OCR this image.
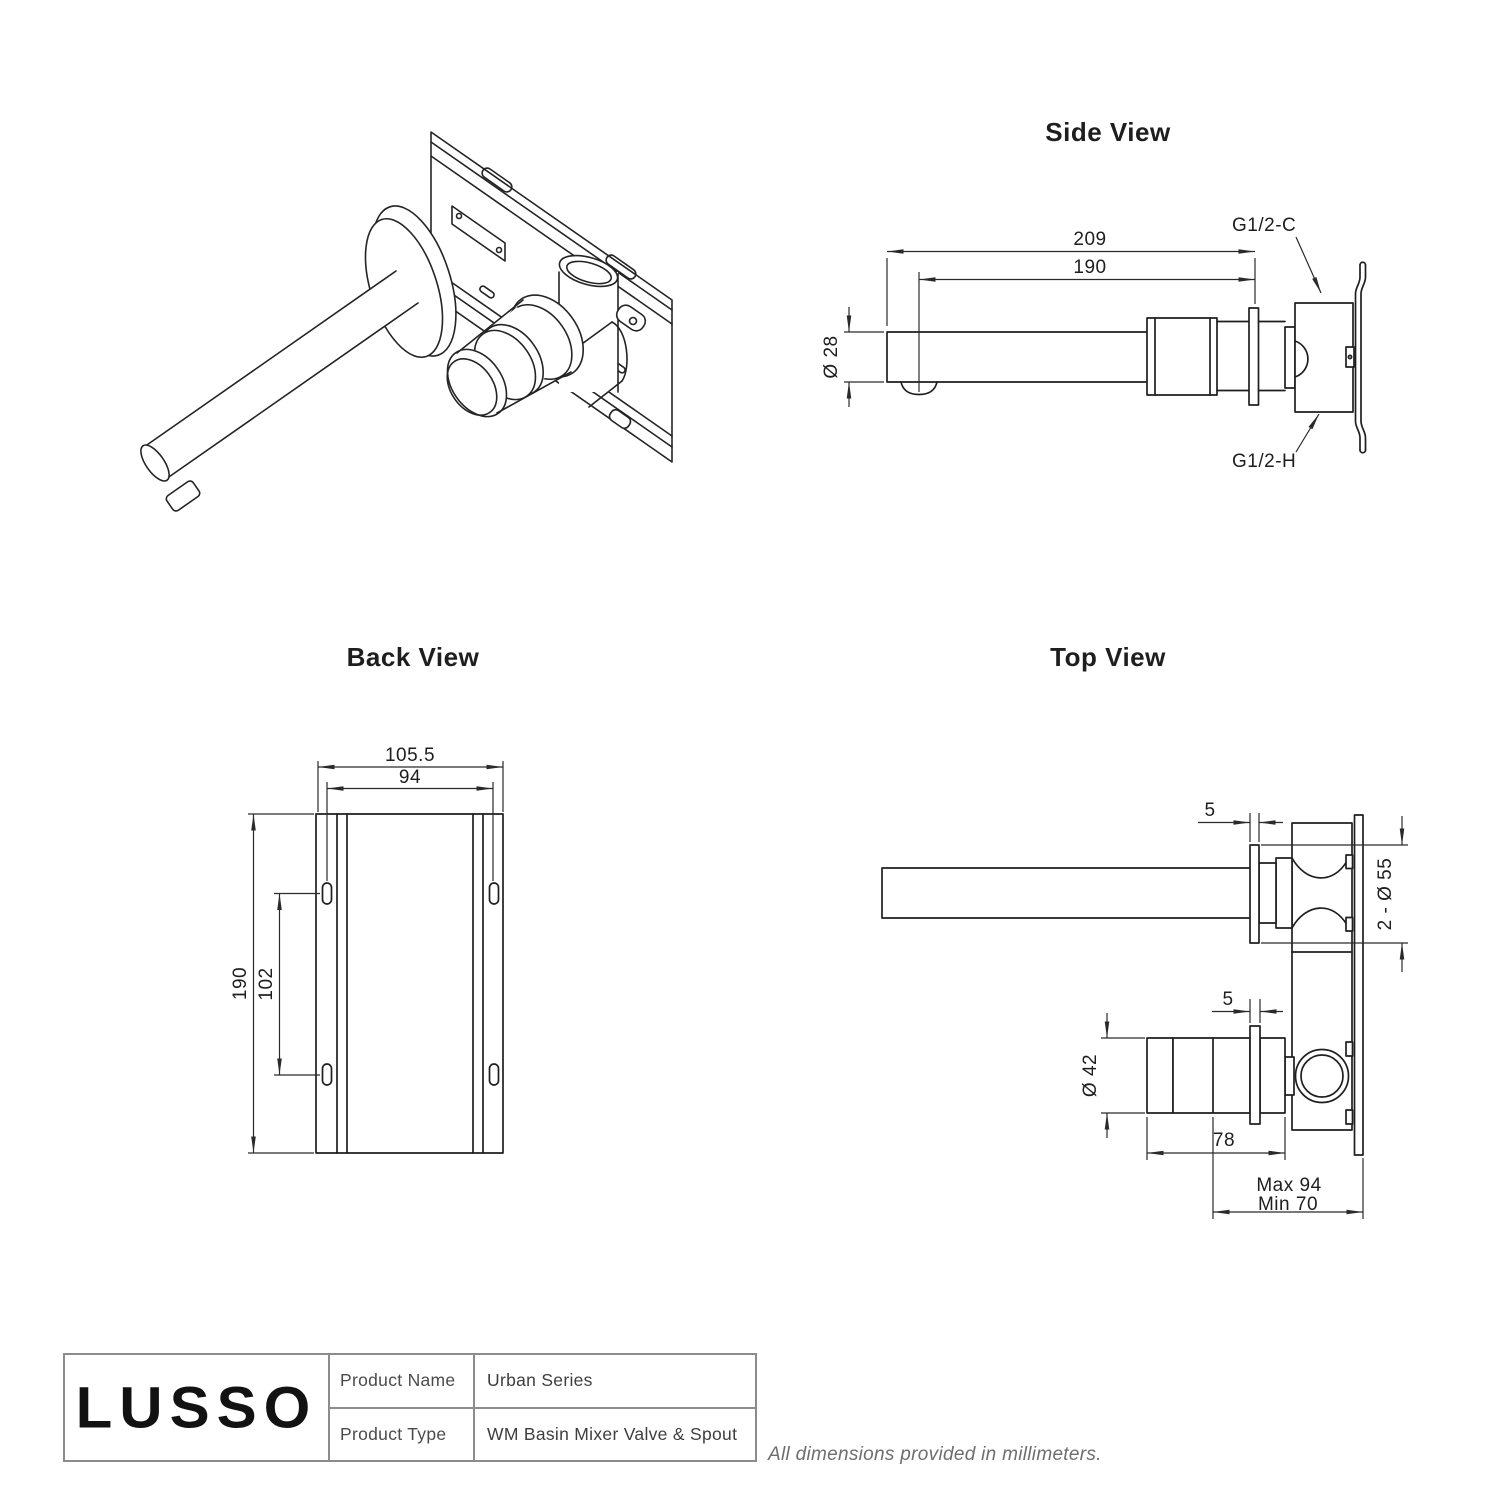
Side View
209
190
Ø 28
G1/2-C
G1/2-H
Back View
105.5
94
190 102
Top View
5
2 - Ø 55
5
Ø 42
78
Max 94
Min 70
LUSSO	Product Name	Urban Series
Product Type	WM Basin Mixer Valve & Spout
All dimensions provided in millimeters.
